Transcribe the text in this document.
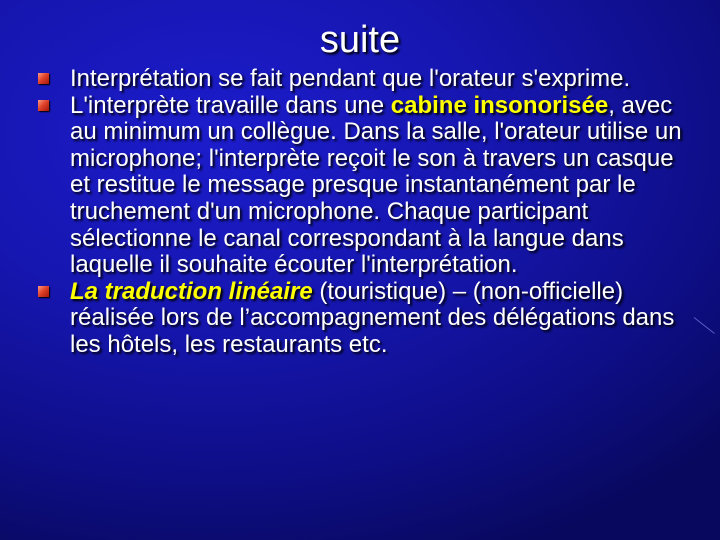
suite
Interprétation se fait pendant que l'orateur s'exprime.
L'interprète travaille dans une cabine insonorisée, avec au minimum un collègue. Dans la salle, l'orateur utilise un microphone; l'interprète reçoit le son à travers un casque et restitue le message presque instantanément par le truchement d'un microphone. Chaque participant sélectionne le canal correspondant à la langue dans laquelle il souhaite écouter l'interprétation.
La traduction linéaire (touristique) – (non-officielle) réalisée lors de l’accompagnement des délégations dans les hôtels, les restaurants etc.
